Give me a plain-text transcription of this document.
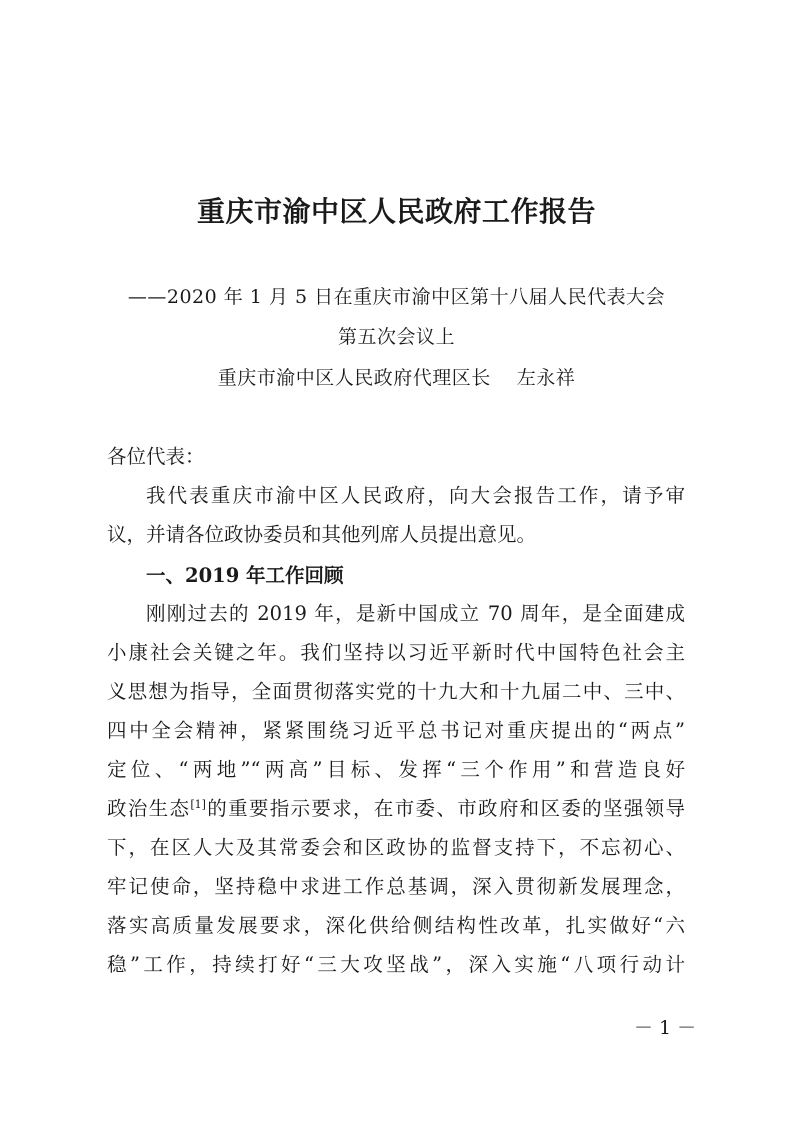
重庆市渝中区人民政府工作报告
——2020 年 1 月 5 日在重庆市渝中区第十八届人民代表大会
第五次会议上
重庆市渝中区人民政府代理区长　 左永祥
各位代表：
我代表重庆市渝中区人民政府，向大会报告工作，请予审
议，并请各位政协委员和其他列席人员提出意见。
一、2019 年工作回顾
刚刚过去的 2019 年，是新中国成立 70 周年，是全面建成
小康社会关键之年。我们坚持以习近平新时代中国特色社会主
义思想为指导，全面贯彻落实党的十九大和十九届二中、三中、
四中全会精神，紧紧围绕习近平总书记对重庆提出的“两点”
定位、“两地”“两高”目标、发挥“三个作用”和营造良好
政治生态[1]的重要指示要求，在市委、市政府和区委的坚强领导
下，在区人大及其常委会和区政协的监督支持下，不忘初心、
牢记使命，坚持稳中求进工作总基调，深入贯彻新发展理念，
落实高质量发展要求，深化供给侧结构性改革，扎实做好“六
稳”工作，持续打好“三大攻坚战”，深入实施“八项行动计
－ 1 －
